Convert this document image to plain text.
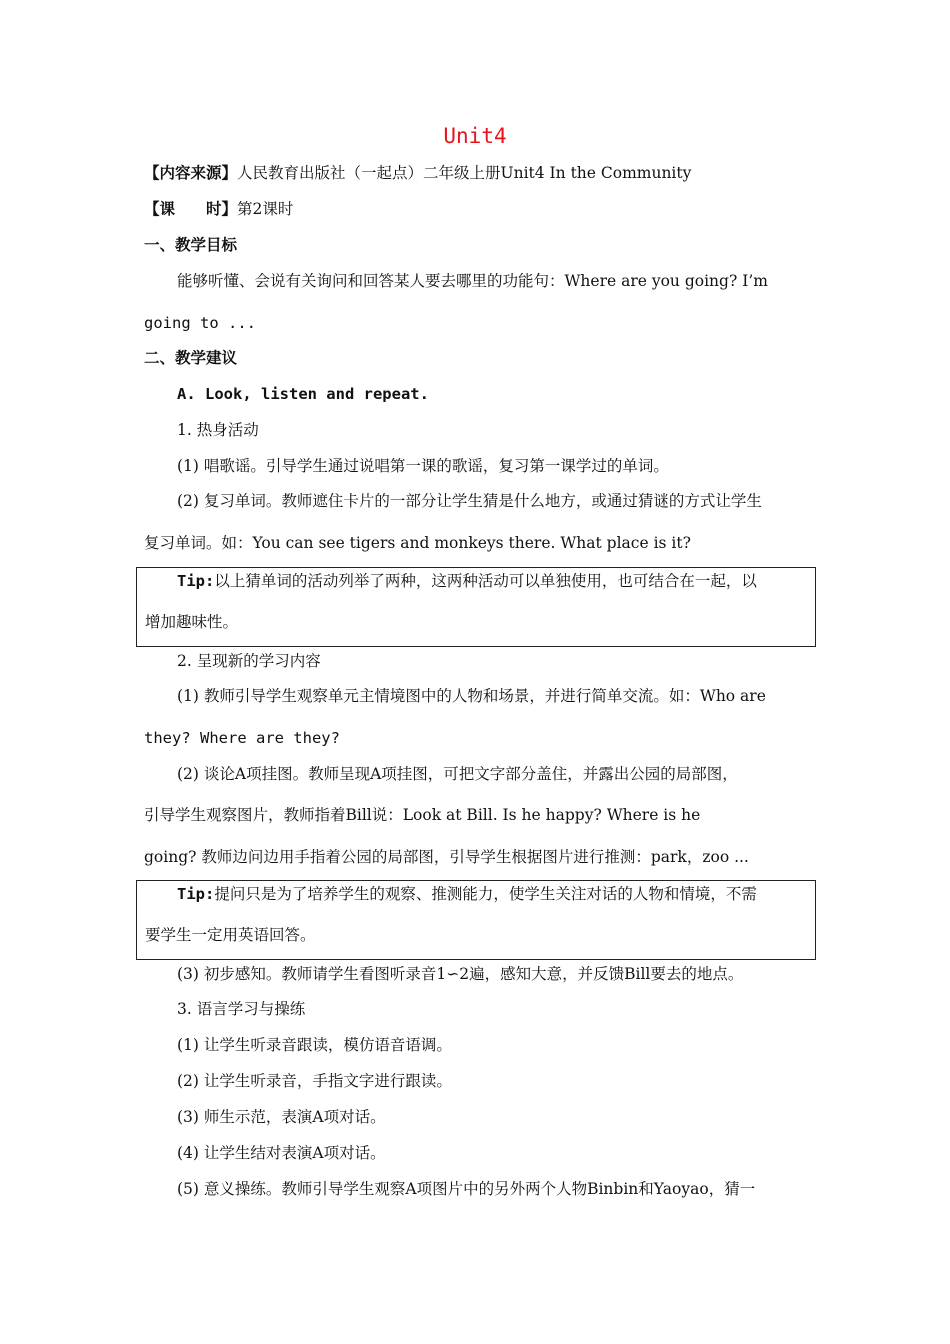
Unit4
【内容来源】人民教育出版社（一起点）二年级上册Unit4 In the Community
【课　　时】第2课时
一、教学目标
能够听懂、会说有关询问和回答某人要去哪里的功能句：Where are you going? I’m
going to ...
二、教学建议
A. Look, listen and repeat.
1. 热身活动
(1) 唱歌谣。引导学生通过说唱第一课的歌谣，复习第一课学过的单词。
(2) 复习单词。教师遮住卡片的一部分让学生猜是什么地方，或通过猜谜的方式让学生
复习单词。如：You can see tigers and monkeys there. What place is it?
Tip:以上猜单词的活动列举了两种，这两种活动可以单独使用，也可结合在一起，以
增加趣味性。
2. 呈现新的学习内容
(1) 教师引导学生观察单元主情境图中的人物和场景，并进行简单交流。如：Who are
they? Where are they?
(2) 谈论A项挂图。教师呈现A项挂图，可把文字部分盖住，并露出公园的局部图，
引导学生观察图片，教师指着Bill说：Look at Bill. Is he happy? Where is he
going? 教师边问边用手指着公园的局部图，引导学生根据图片进行推测：park，zoo ...
Tip:提问只是为了培养学生的观察、推测能力，使学生关注对话的人物和情境，不需
要学生一定用英语回答。
(3) 初步感知。教师请学生看图听录音1∽2遍，感知大意，并反馈Bill要去的地点。
3. 语言学习与操练
(1) 让学生听录音跟读，模仿语音语调。
(2) 让学生听录音，手指文字进行跟读。
(3) 师生示范，表演A项对话。
(4) 让学生结对表演A项对话。
(5) 意义操练。教师引导学生观察A项图片中的另外两个人物Binbin和Yaoyao，猜一
